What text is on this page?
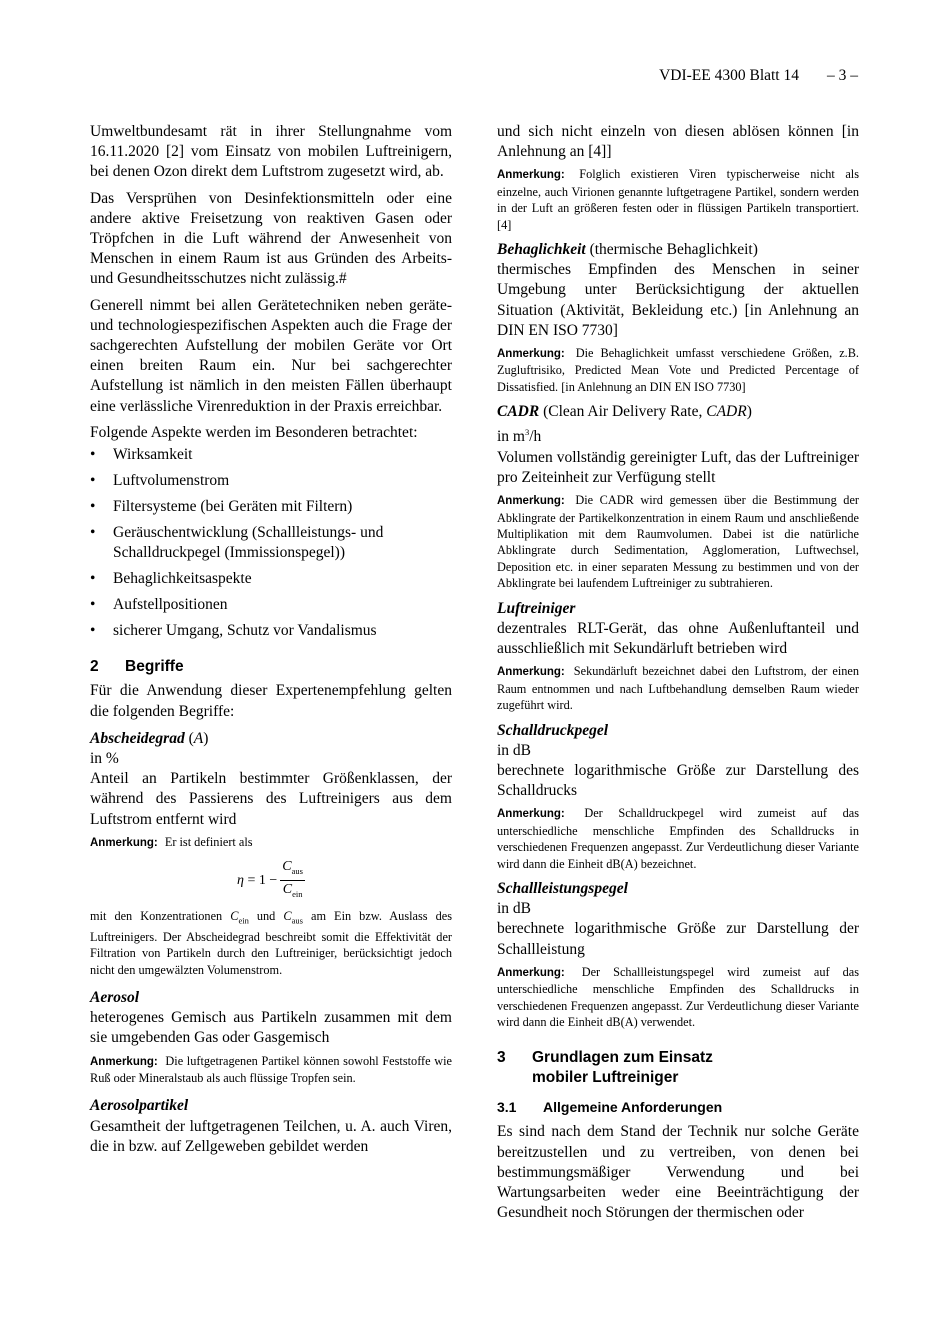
VDI-EE 4300 Blatt 14 – 3 –

Umweltbundesamt rät in ihrer Stellungnahme vom 16.11.2020 [2] vom Einsatz von mobilen Luftreinigern, bei denen Ozon direkt dem Luftstrom zugesetzt wird, ab.

Das Versprühen von Desinfektionsmitteln oder eine andere aktive Freisetzung von reaktiven Gasen oder Tröpfchen in die Luft während der Anwesenheit von Menschen in einem Raum ist aus Gründen des Arbeits- und Gesundheitsschutzes nicht zulässig.#

Generell nimmt bei allen Gerätetechniken neben geräte- und technologiespezifischen Aspekten auch die Frage der sachgerechten Aufstellung der mobilen Geräte vor Ort einen breiten Raum ein. Nur bei sachgerechter Aufstellung ist nämlich in den meisten Fällen überhaupt eine verlässliche Virenreduktion in der Praxis erreichbar.

Folgende Aspekte werden im Besonderen betrachtet:

• Wirksamkeit
• Luftvolumenstrom
• Filtersysteme (bei Geräten mit Filtern)
• Geräuschentwicklung (Schallleistungs- und Schalldruckpegel (Immissionspegel))
• Behaglichkeitsaspekte
• Aufstellpositionen
• sicherer Umgang, Schutz vor Vandalismus
2	Begriffe

Für die Anwendung dieser Expertenempfehlung gelten die folgenden Begriffe:

Abscheidegrad (A)
in %
Anteil an Partikeln bestimmter Größenklassen, der während des Passierens des Luftreinigers aus dem Luftstrom entfernt wird
Anmerkung: Er ist definiert als
η
= $1 - \frac{C_{aus}}{C_{ein}}$
mit den Konzentrationen $C_{ein}$ und $C_{aus}$ am Ein bzw. Auslass des Luftreinigers. Der Abscheidegrad beschreibt somit die Effektivität der Filtration von Partikeln durch den Luftreiniger, berücksichtigt jedoch nicht den umgewälzten Volumenstrom.
Aerosol
heterogenes Gemisch aus Partikeln zusammen mit dem sie umgebenden Gas oder Gasgemisch
Anmerkung: Die luftgetragenen Partikel können sowohl Feststoffe wie Ruß oder Mineralstaub als auch flüssige Tropfen sein.
Aerosolpartikel
Gesamtheit der luftgetragenen Teilchen, u. A. auch Viren, die in bzw. auf Zellgeweben gebildet werden
und sich nicht einzeln von diesen ablösen können [in Anlehnung an [4]]
Anmerkung: Folglich existieren Viren typischerweise nicht als einzelne, auch Virionen genannte luftgetragene Partikel, sondern werden in der Luft an größeren festen oder in flüssigen Partikeln transportiert. [4]
Behaglichkeit (thermische Behaglichkeit)
thermisches Empfinden des Menschen in seiner Umgebung unter Berücksichtigung der aktuellen Situation (Aktivität, Bekleidung etc.) [in Anlehnung an DIN EN ISO 7730]
Anmerkung: Die Behaglichkeit umfasst verschiedene Größen, z.B. Zugluftrisiko, Predicted Mean Vote und Predicted Percentage of Dissatisfied. [in Anlehnung an DIN EN ISO 7730]
CADR (Clean Air Delivery Rate, CADR)
in $m^3/h$
Volumen vollständig gereinigter Luft, das der Luftreiniger pro Zeiteinheit zur Verfügung stellt
Anmerkung: Die CADR wird gemessen über die Bestimmung der Abklingrate der Partikelkonzentration in einem Raum und anschließende Multiplikation mit dem Raumvolumen. Dabei ist die natürliche Abklingrate durch Sedimentation, Agglomeration, Luftwechsel, Deposition etc. in einer separaten Messung zu bestimmen und von der Abklingrate bei laufendem Luftreiniger zu subtrahieren.
Luftreiniger
dezentrales RLT-Gerät, das ohne Außenluftanteil und ausschließlich mit Sekundärluft betrieben wird
Anmerkung: Sekundärluft bezeichnet dabei den Luftstrom, der einen Raum entnommen und nach Luftbehandlung demselben Raum wieder zugeführt wird.
Schalldruckpegel
in dB
berechnete logarithmische Größe zur Darstellung des Schalldrucks
Anmerkung: Der Schalldruckpegel wird zumeist auf das unterschiedliche menschliche Empfinden des Schalldrucks in verschiedenen Frequenzen angepasst. Zur Verdeutlichung dieser Variante wird dann die Einheit dB(A) bezeichnet.
Schallleistungspegel
in dB
berechnete logarithmische Größe zur Darstellung der Schallleistung
Anmerkung: Der Schallleistungspegel wird zumeist auf das unterschiedliche menschliche Empfinden des Schalldrucks in verschiedenen Frequenzen angepasst. Zur Verdeutlichung dieser Variante wird dann die Einheit dB(A) verwendet.
3	Grundlagen zum Einsatz
mobiler Luftreiniger
3.1	Allgemeine Anforderungen

Es sind nach dem Stand der Technik nur solche Geräte bereitzustellen und zu vertreiben, von denen bei bestimmungsmäßiger Verwendung und bei Wartungsarbeiten weder eine Beeinträchtigung der Gesundheit noch Störungen der thermischen oder
